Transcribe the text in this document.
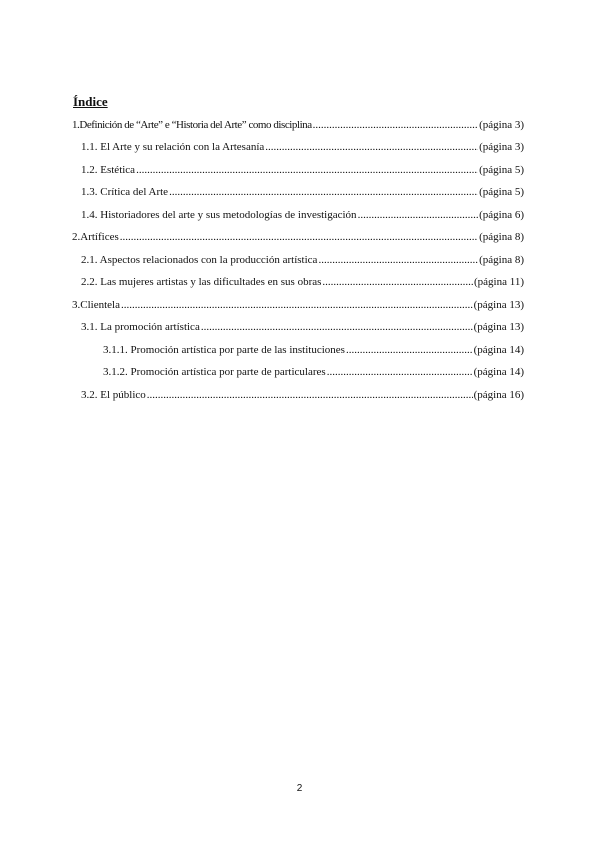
Índice
1.Definición de “Arte” e “Historia del Arte” como disciplina .....	(página 3)
1.1. El Arte y su relación con la Artesanía .....	(página 3)
1.2. Estética .....	(página 5)
1.3. Crítica del Arte .....	(página 5)
1.4. Historiadores del arte y sus metodologías de investigación .....	(página 6)
2.Artífices .....	(página 8)
2.1. Aspectos relacionados con la producción artística .....	(página 8)
2.2. Las mujeres artistas y las dificultades en sus obras .....	(página 11)
3.Clientela .....	(página 13)
3.1. La promoción artística .....	(página 13)
3.1.1. Promoción artística por parte de las instituciones .....	(página 14)
3.1.2. Promoción artística por parte de particulares .....	(página 14)
3.2. El público .....	(página 16)
2
